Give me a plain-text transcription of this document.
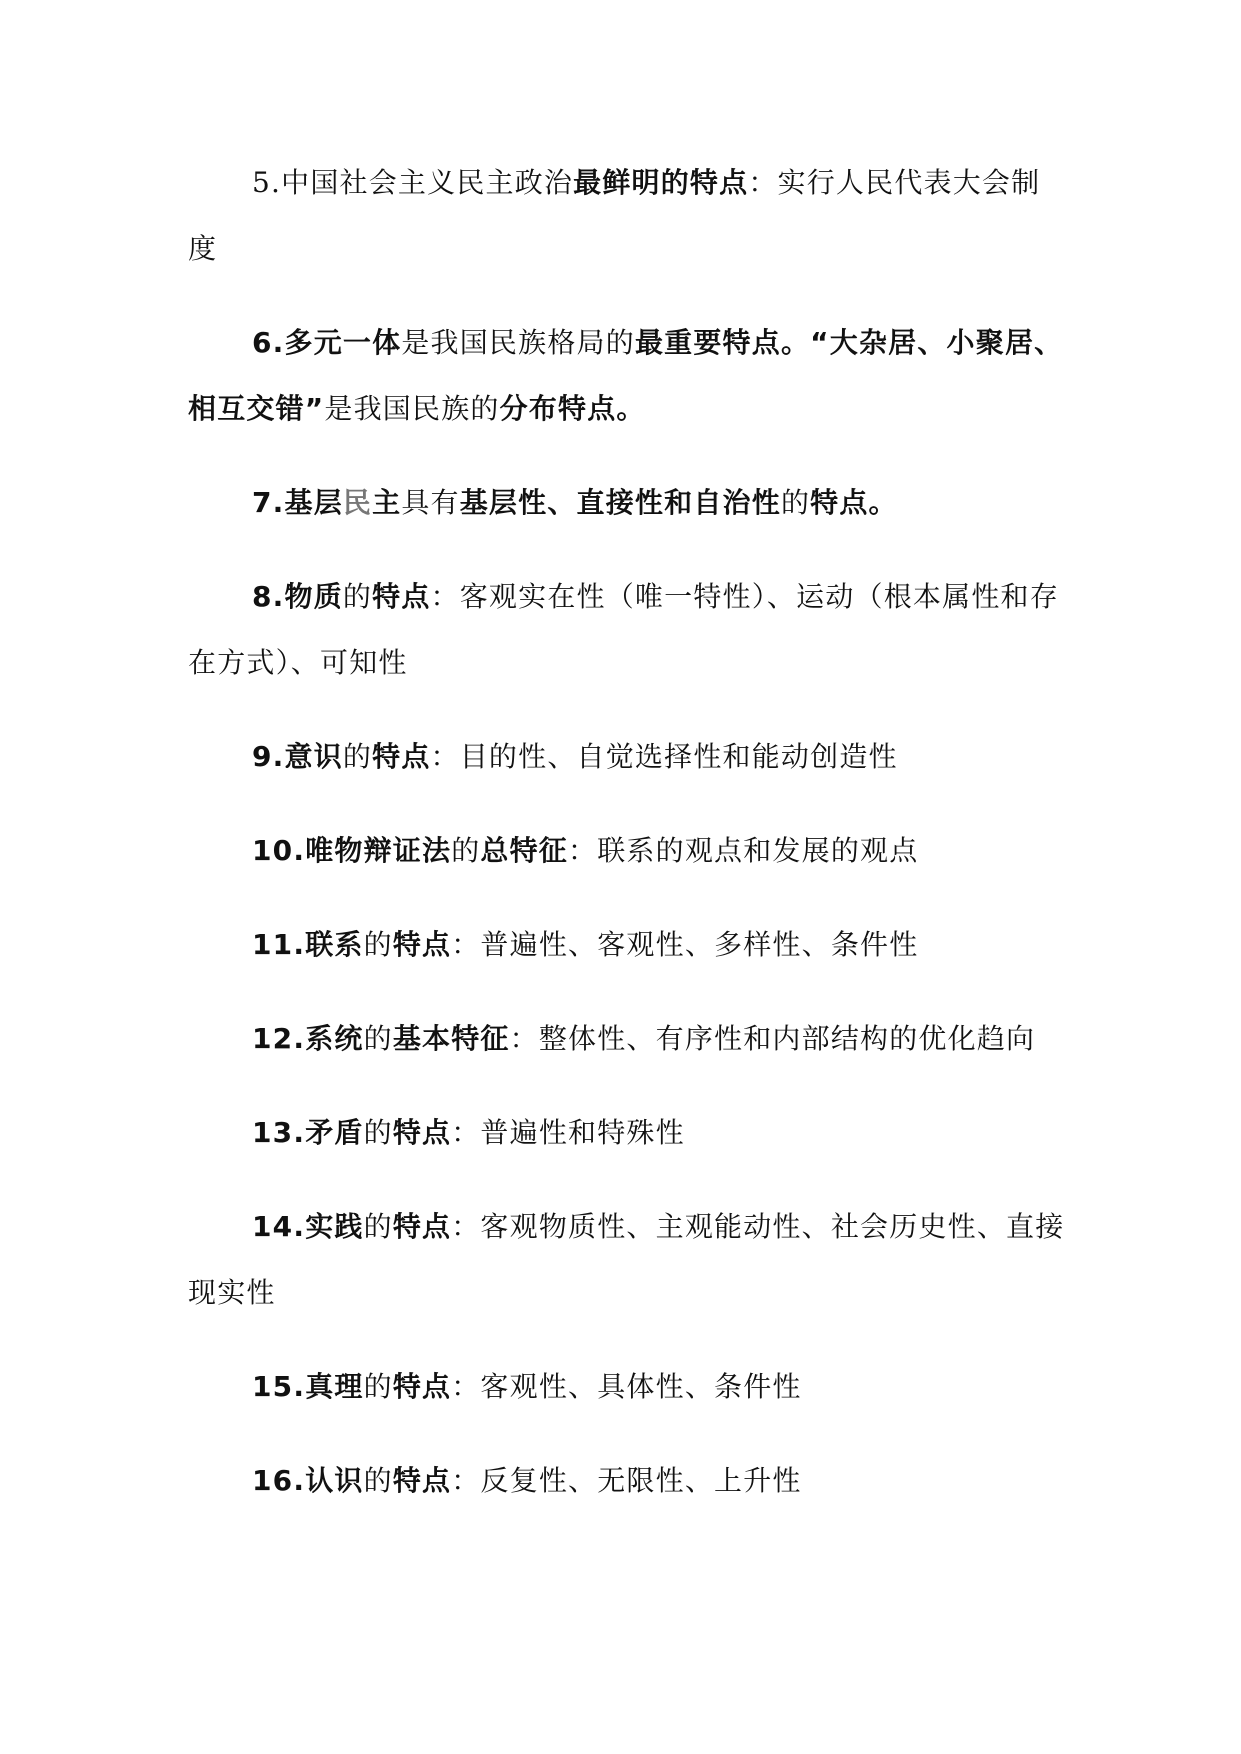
5.中国社会主义民主政治最鲜明的特点：实行人民代表大会制度

6.多元一体是我国民族格局的最重要特点。“大杂居、小聚居、相互交错”是我国民族的分布特点。

7.基层民主具有基层性、直接性和自治性的特点。

8.物质的特点：客观实在性（唯一特性）、运动（根本属性和存在方式）、可知性

9.意识的特点：目的性、自觉选择性和能动创造性

10.唯物辩证法的总特征：联系的观点和发展的观点

11.联系的特点：普遍性、客观性、多样性、条件性

12.系统的基本特征：整体性、有序性和内部结构的优化趋向

13.矛盾的特点：普遍性和特殊性

14.实践的特点：客观物质性、主观能动性、社会历史性、直接现实性

15.真理的特点：客观性、具体性、条件性

16.认识的特点：反复性、无限性、上升性
